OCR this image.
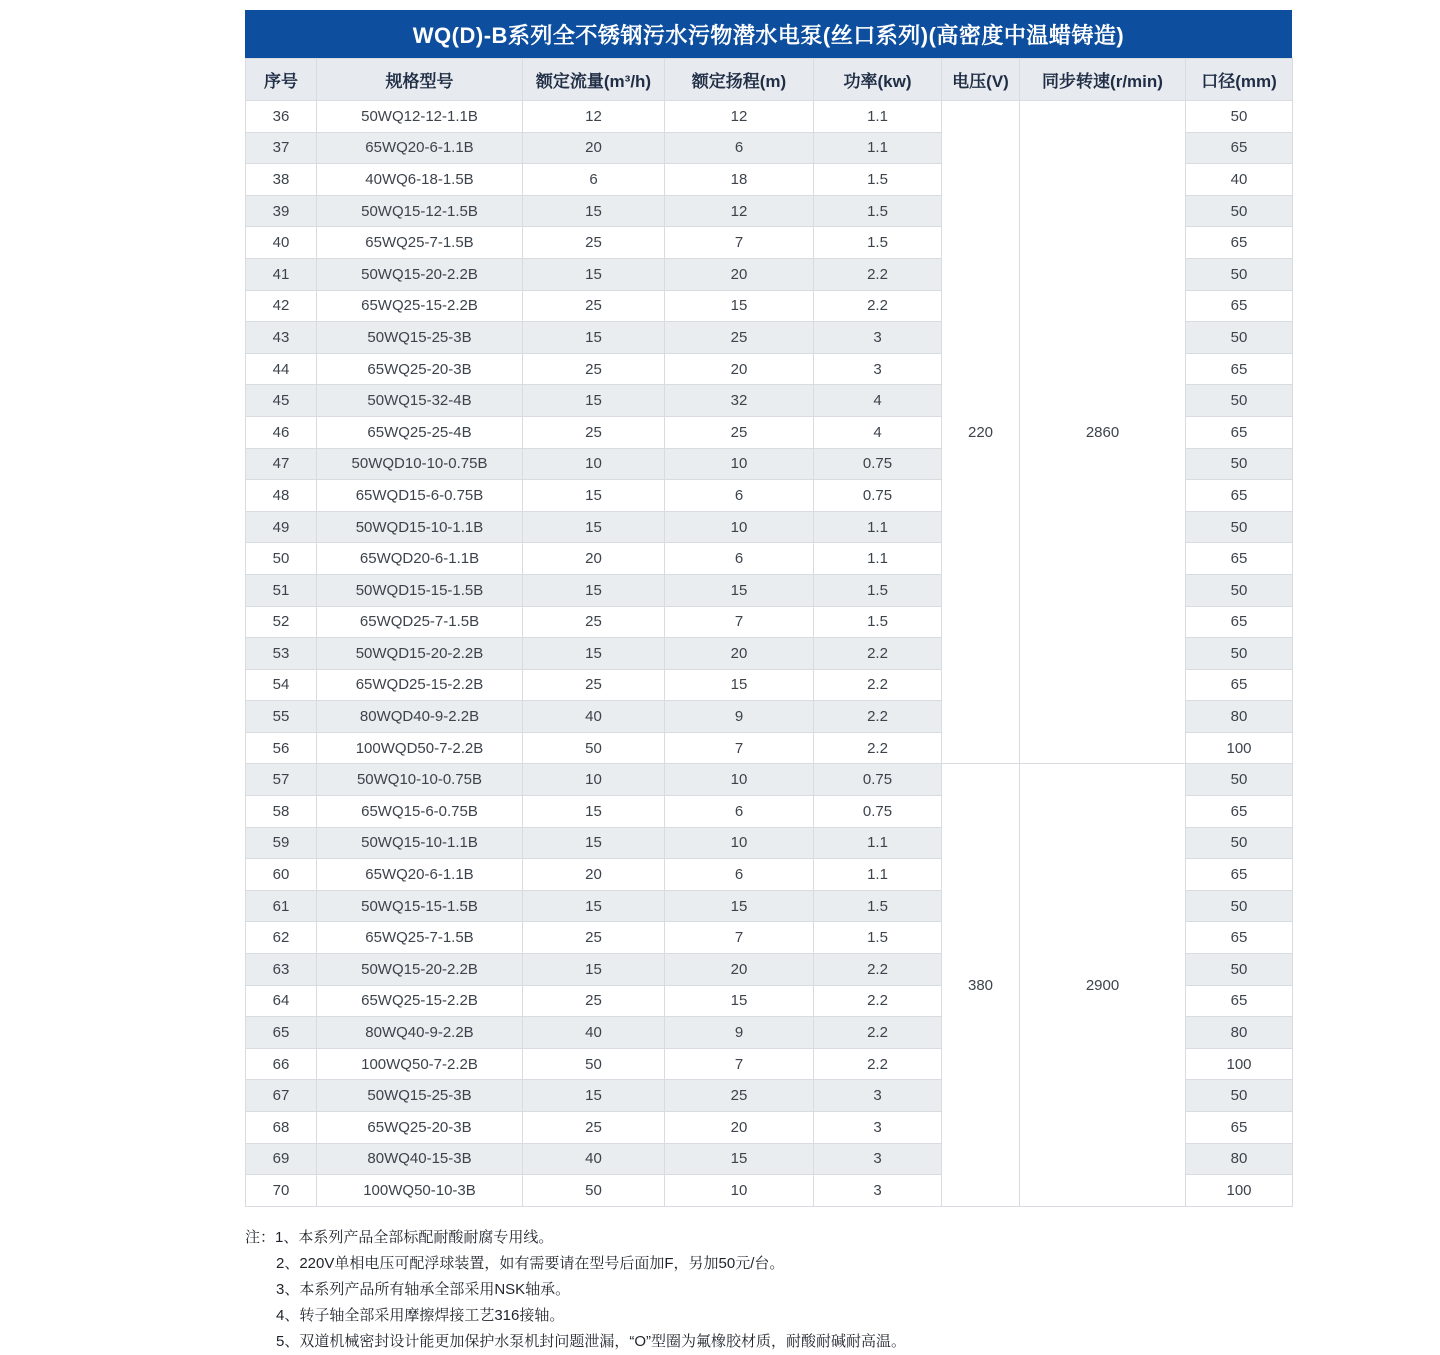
WQ(D)-B系列全不锈钢污水污物潜水电泵(丝口系列)(高密度中温蜡铸造)
序号	规格型号	额定流量(m³/h)	额定扬程(m)	功率(kw)	电压(V)	同步转速(r/min)	口径(mm)
36	50WQ12-12-1.1B	12	12	1.1	220	2860	50
37	65WQ20-6-1.1B	20	6	1.1			65
38	40WQ6-18-1.5B	6	18	1.5			40
39	50WQ15-12-1.5B	15	12	1.5			50
40	65WQ25-7-1.5B	25	7	1.5			65
41	50WQ15-20-2.2B	15	20	2.2			50
42	65WQ25-15-2.2B	25	15	2.2			65
43	50WQ15-25-3B	15	25	3			50
44	65WQ25-20-3B	25	20	3			65
45	50WQ15-32-4B	15	32	4			50
46	65WQ25-25-4B	25	25	4			65
47	50WQD10-10-0.75B	10	10	0.75			50
48	65WQD15-6-0.75B	15	6	0.75			65
49	50WQD15-10-1.1B	15	10	1.1			50
50	65WQD20-6-1.1B	20	6	1.1			65
51	50WQD15-15-1.5B	15	15	1.5			50
52	65WQD25-7-1.5B	25	7	1.5			65
53	50WQD15-20-2.2B	15	20	2.2			50
54	65WQD25-15-2.2B	25	15	2.2			65
55	80WQD40-9-2.2B	40	9	2.2			80
56	100WQD50-7-2.2B	50	7	2.2			100
57	50WQ10-10-0.75B	10	10	0.75	380	2900	50
58	65WQ15-6-0.75B	15	6	0.75			65
59	50WQ15-10-1.1B	15	10	1.1			50
60	65WQ20-6-1.1B	20	6	1.1			65
61	50WQ15-15-1.5B	15	15	1.5			50
62	65WQ25-7-1.5B	25	7	1.5			65
63	50WQ15-20-2.2B	15	20	2.2			50
64	65WQ25-15-2.2B	25	15	2.2			65
65	80WQ40-9-2.2B	40	9	2.2			80
66	100WQ50-7-2.2B	50	7	2.2			100
67	50WQ15-25-3B	15	25	3			50
68	65WQ25-20-3B	25	20	3			65
69	80WQ40-15-3B	40	15	3			80
70	100WQ50-10-3B	50	10	3			100
注：1、本系列产品全部标配耐酸耐腐专用线。
2、220V单相电压可配浮球装置，如有需要请在型号后面加F，另加50元/台。
3、本系列产品所有轴承全部采用NSK轴承。
4、转子轴全部采用摩擦焊接工艺316接轴。
5、双道机械密封设计能更加保护水泵机封问题泄漏，“O”型圈为氟橡胶材质，耐酸耐碱耐高温。
